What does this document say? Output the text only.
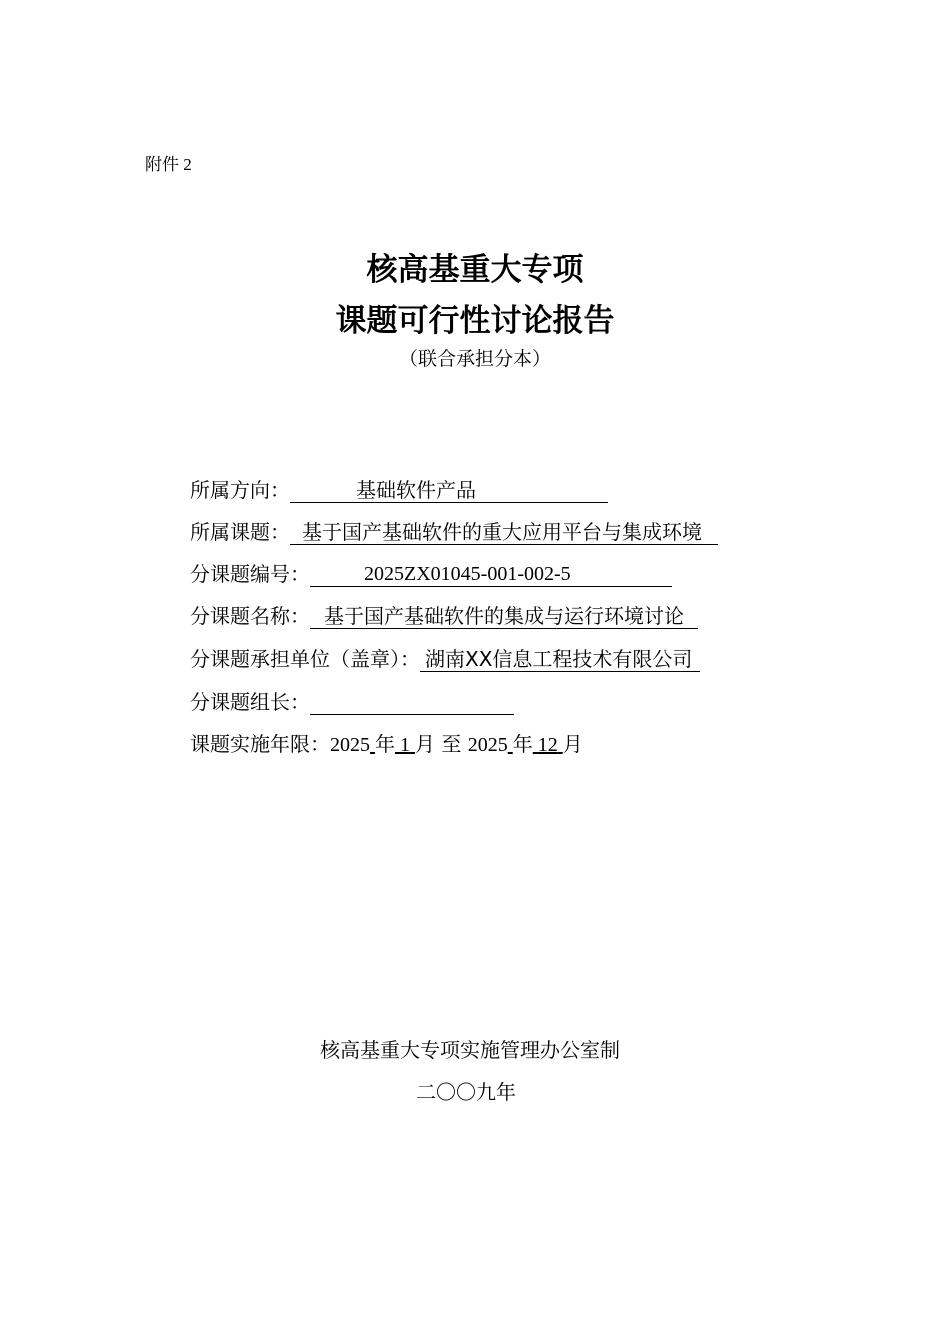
附件 2
核高基重大专项
课题可行性讨论报告
（联合承担分本）
所属方向：	基础软件产品
所属课题： 基于国产基础软件的重大应用平台与集成环境
分课题编号：	2025ZX01045-001-002-5
分课题名称： 基于国产基础软件的集成与运行环境讨论
分课题承担单位（盖章）： 湖南XX信息工程技术有限公司
分课题组长：
课题实施年限：2025 年 1 月 至 2025 年 12 月
核高基重大专项实施管理办公室制
二〇〇九年
